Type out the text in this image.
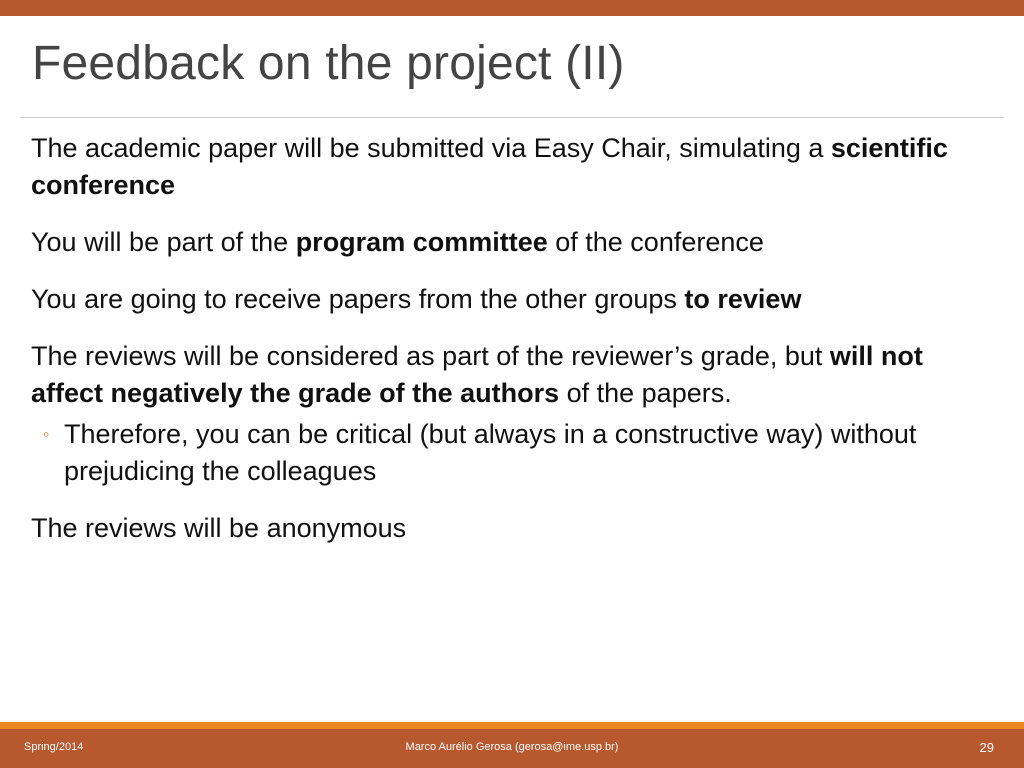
Feedback on the project (II)

The academic paper will be submitted via Easy Chair, simulating a scientific conference

You will be part of the program committee of the conference

You are going to receive papers from the other groups to review

The reviews will be considered as part of the reviewer’s grade, but will not affect negatively the grade of the authors of the papers.

◦ Therefore, you can be critical (but always in a constructive way) without prejudicing the colleagues

The reviews will be anonymous

Marco Aurélio Gerosa (gerosa@ime.usp.br)
Spring/2014	29
